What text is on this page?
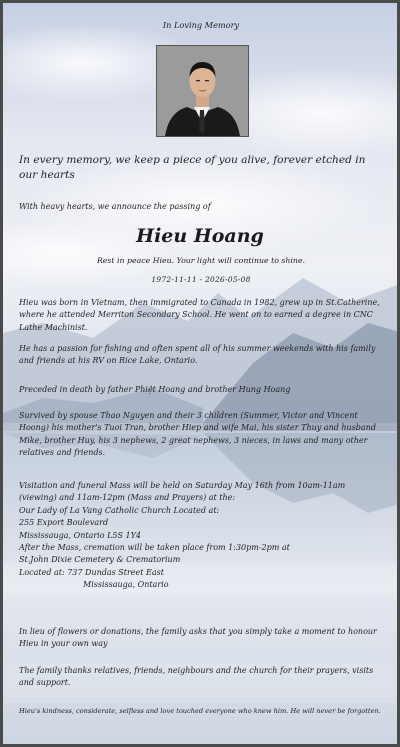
In Loving Memory

In every memory, we keep a piece of you alive, forever etched in our hearts

With heavy hearts, we announce the passing of

Hieu Hoang

Rest in peace Hieu. Your light will continue to shine.

1972-11-11 - 2026-05-08

Hieu was born in Vietnam, then immigrated to Canada in 1982, grew up in St.Catherine, where he attended Merriton Secondary School. He went on to earned a degree in CNC Lathe Machinist.

He has a passion for fishing and often spent all of his summer weekends with his family and friends at his RV on Rice Lake, Ontario.

Preceded in death by father Phiệt Hoang and brother Hung Hoang

Survived by spouse Thao Nguyen and their 3 children (Summer, Victor and Vincent Hoong) his mother's Tuoi Tran, brother Hiep and wife Mai, his sister Thuy and husband Mike, brother Huy, his 3 nephews, 2 great nephews, 3 nieces, in laws and many other relatives and friends.

Visitation and funeral Mass will be held on Saturday May 16th from 10am-11am (viewing) and 11am-12pm (Mass and Prayers) at the:
Our Lady of La Vang Catholic Church Located at:
255 Export Boulevard
Mississauga, Ontario L5S 1Y4
After the Mass, cremation will be taken place from 1:30pm-2pm at
St.John Dixie Cemetery & Crematorium
Located at: 737 Dundas Street East
Mississauga, Ontario

In lieu of flowers or donations, the family asks that you simply take a moment to honour Hieu in your own way

The family thanks relatives, friends, neighbours and the church for their prayers, visits and support.

Hieu's kindness, considerate, selfless and love touched everyone who knew him. He will never be forgotten.
